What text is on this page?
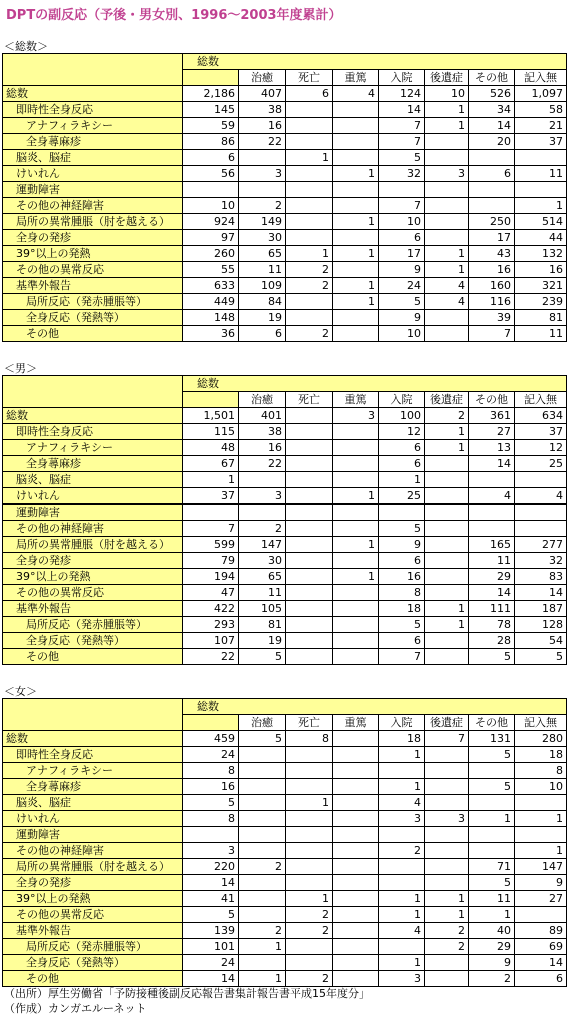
DPTの副反応（予後・男女別、1996〜2003年度累計）
＜総数＞
	総数							
		治癒	死亡	重篤	入院	後遺症	その他	記入無
総数	2,186	407	6	4	124	10	526	1,097
即時性全身反応	145	38			14	1	34	58
アナフィラキシー	59	16			7	1	14	21
全身蕁麻疹	86	22			7		20	37
脳炎、脳症	6		1		5			
けいれん	56	3		1	32	3	6	11
運動障害								
その他の神経障害	10	2			7			1
局所の異常腫脹（肘を越える）	924	149		1	10		250	514
全身の発疹	97	30			6		17	44
39°以上の発熱	260	65	1	1	17	1	43	132
その他の異常反応	55	11	2		9	1	16	16
基準外報告	633	109	2	1	24	4	160	321
局所反応（発赤腫脹等）	449	84		1	5	4	116	239
全身反応（発熱等）	148	19			9		39	81
その他	36	6	2		10		7	11
＜男＞
	総数							
		治癒	死亡	重篤	入院	後遺症	その他	記入無
総数	1,501	401		3	100	2	361	634
即時性全身反応	115	38			12	1	27	37
アナフィラキシー	48	16			6	1	13	12
全身蕁麻疹	67	22			6		14	25
脳炎、脳症	1				1			
けいれん	37	3		1	25		4	4
運動障害								
その他の神経障害	7	2			5			
局所の異常腫脹（肘を越える）	599	147		1	9		165	277
全身の発疹	79	30			6		11	32
39°以上の発熱	194	65		1	16		29	83
その他の異常反応	47	11			8		14	14
基準外報告	422	105			18	1	111	187
局所反応（発赤腫脹等）	293	81			5	1	78	128
全身反応（発熱等）	107	19			6		28	54
その他	22	5			7		5	5
＜女＞
	総数							
		治癒	死亡	重篤	入院	後遺症	その他	記入無
総数	459	5	8		18	7	131	280
即時性全身反応	24				1		5	18
アナフィラキシー	8							8
全身蕁麻疹	16				1		5	10
脳炎、脳症	5		1		4			
けいれん	8				3	3	1	1
運動障害								
その他の神経障害	3				2			1
局所の異常腫脹（肘を越える）	220	2					71	147
全身の発疹	14						5	9
39°以上の発熱	41		1		1	1	11	27
その他の異常反応	5		2		1	1	1	
基準外報告	139	2	2		4	2	40	89
局所反応（発赤腫脹等）	101	1				2	29	69
全身反応（発熱等）	24				1		9	14
その他	14	1	2		3		2	6
（出所）厚生労働省「予防接種後副反応報告書集計報告書平成15年度分」
（作成）カンガエルーネット
